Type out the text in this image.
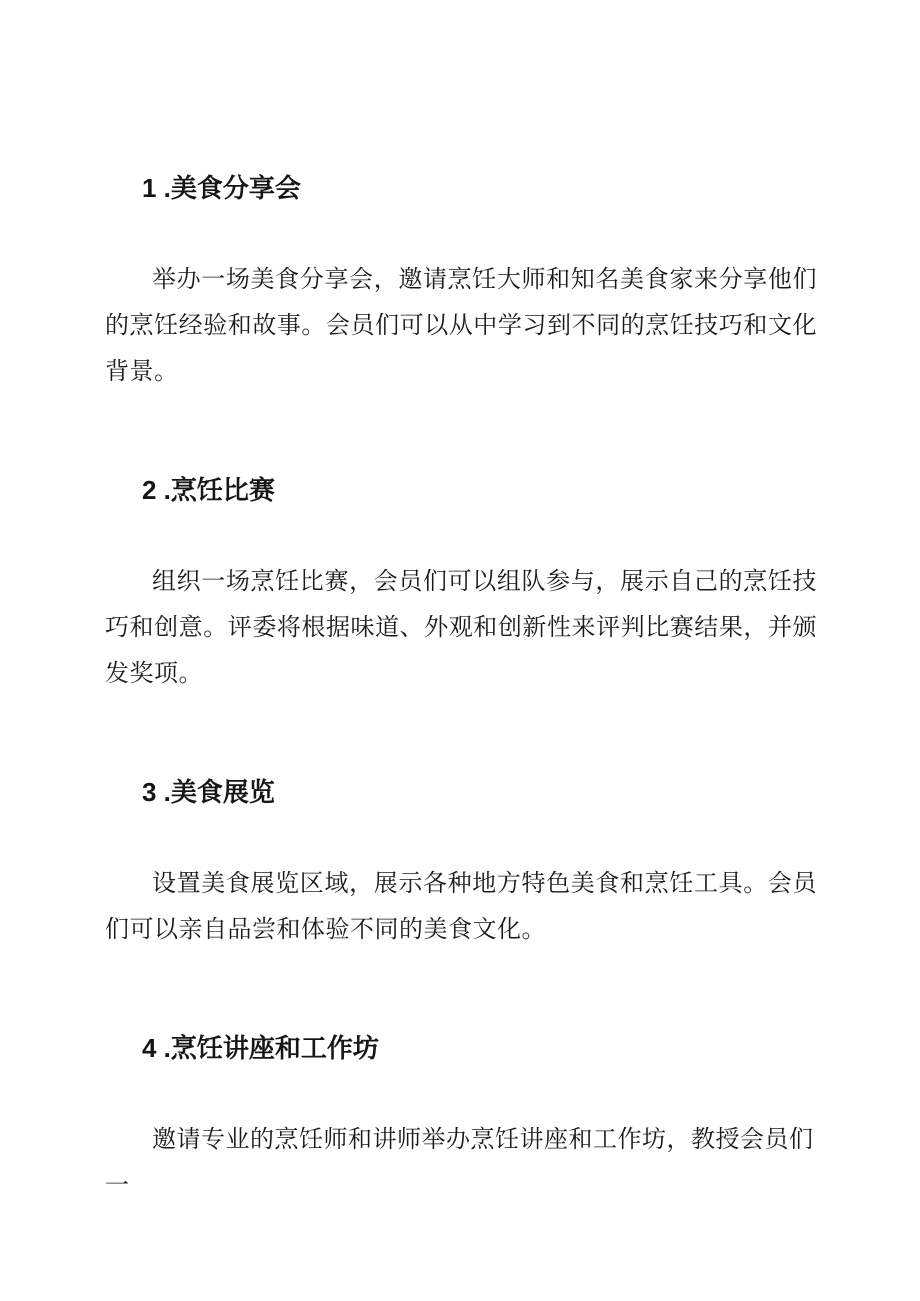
1 .美食分享会

举办一场美食分享会，邀请烹饪大师和知名美食家来分享他们的烹饪经验和故事。会员们可以从中学习到不同的烹饪技巧和文化背景。

2 .烹饪比赛

组织一场烹饪比赛，会员们可以组队参与，展示自己的烹饪技巧和创意。评委将根据味道、外观和创新性来评判比赛结果，并颁发奖项。

3 .美食展览

设置美食展览区域，展示各种地方特色美食和烹饪工具。会员们可以亲自品尝和体验不同的美食文化。

4 .烹饪讲座和工作坊

邀请专业的烹饪师和讲师举办烹饪讲座和工作坊，教授会员们一
